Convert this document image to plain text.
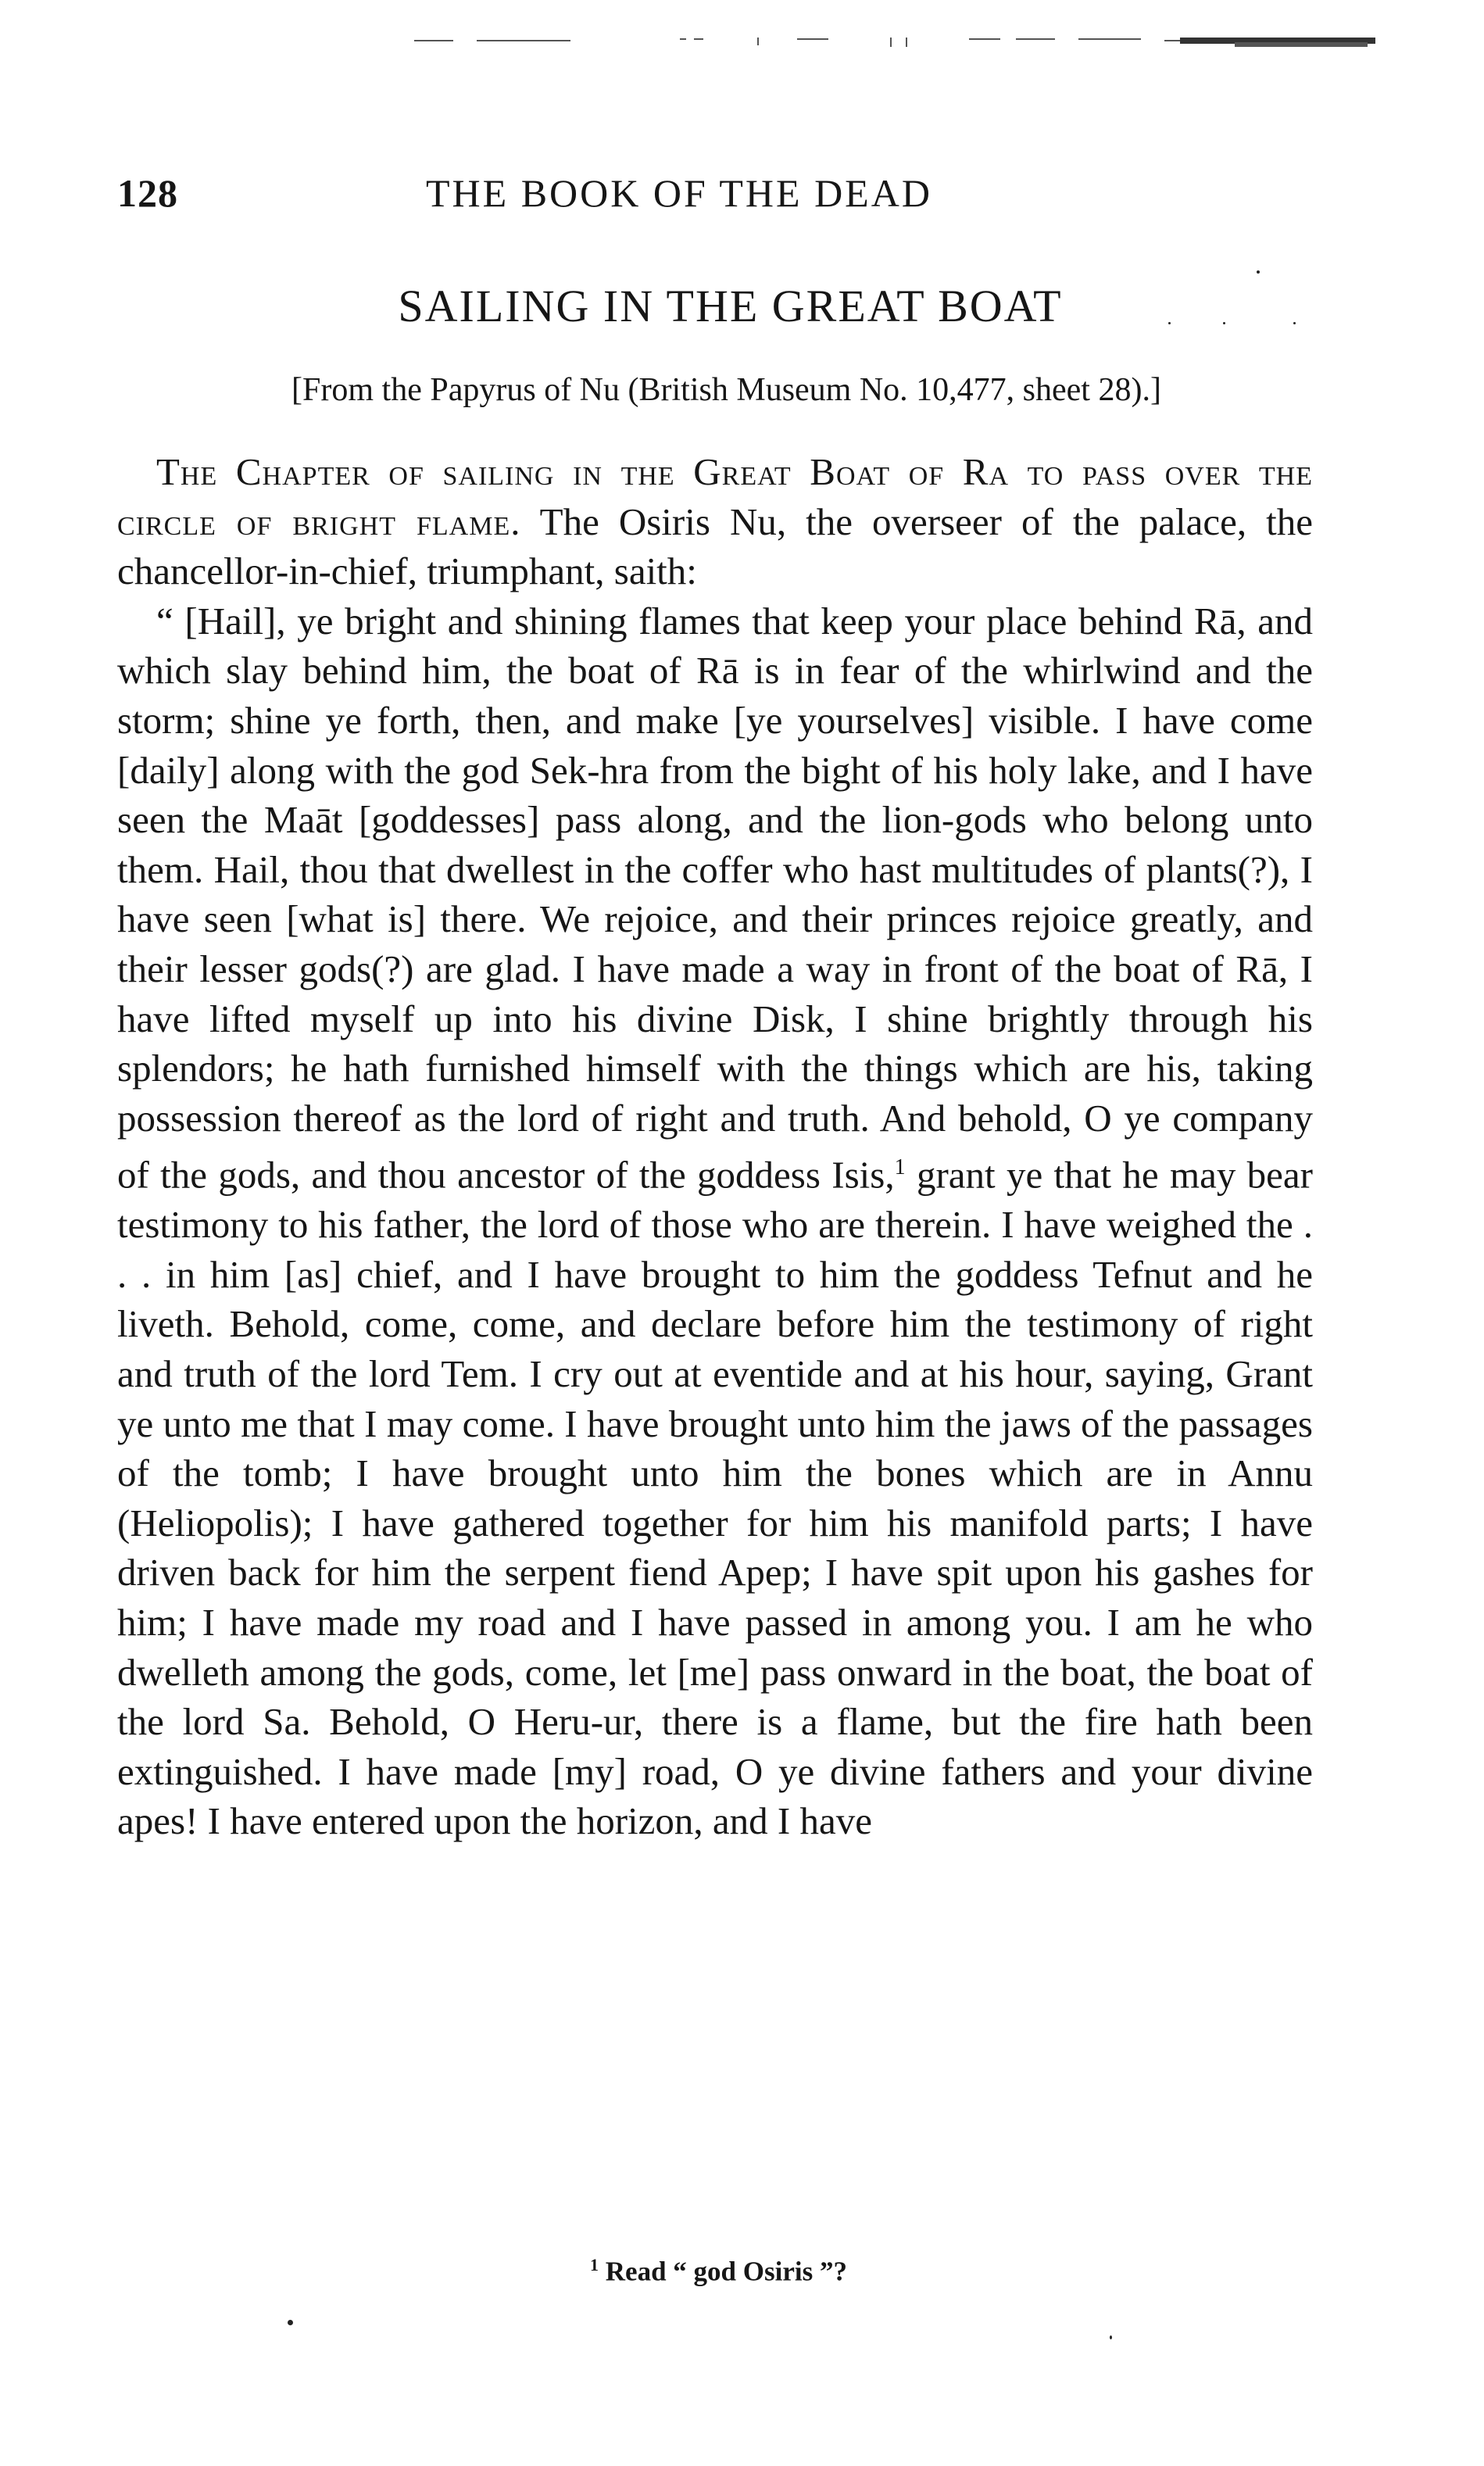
128	THE BOOK OF THE DEAD
SAILING IN THE GREAT BOAT
[From the Papyrus of Nu (British Museum No. 10,477, sheet 28).]

The Chapter of sailing in the Great Boat of Ra to pass over the circle of bright flame. The Osiris Nu, the overseer of the palace, the chancellor-in-chief, triumphant, saith:

“ [Hail], ye bright and shining flames that keep your place behind Rā, and which slay behind him, the boat of Rā is in fear of the whirlwind and the storm; shine ye forth, then, and make [ye yourselves] visible. I have come [daily] along with the god Sek-hra from the bight of his holy lake, and I have seen the Maāt [goddesses] pass along, and the lion-gods who belong unto them. Hail, thou that dwellest in the coffer who hast multitudes of plants(?), I have seen [what is] there. We rejoice, and their princes rejoice greatly, and their lesser gods(?) are glad. I have made a way in front of the boat of Rā, I have lifted myself up into his divine Disk, I shine brightly through his splendors; he hath furnished himself with the things which are his, taking possession thereof as the lord of right and truth. And behold, O ye company of the gods, and thou ancestor of the goddess Isis,$^1$ grant ye that he may bear testimony to his father, the lord of those who are therein. I have weighed the . . . in him [as] chief, and I have brought to him the goddess Tefnut and he liveth. Behold, come, come, and declare before him the testimony of right and truth of the lord Tem. I cry out at eventide and at his hour, saying, Grant ye unto me that I may come. I have brought unto him the jaws of the passages of the tomb; I have brought unto him the bones which are in Annu (Heliopolis); I have gathered together for him his manifold parts; I have driven back for him the serpent fiend Apep; I have spit upon his gashes for him; I have made my road and I have passed in among you. I am he who dwelleth among the gods, come, let [me] pass onward in the boat, the boat of the lord Sa. Behold, O Heru-ur, there is a flame, but the fire hath been extinguished. I have made [my] road, O ye divine fathers and your divine apes! I have entered upon the horizon, and I have

$^1$ Read “ god Osiris ”?
